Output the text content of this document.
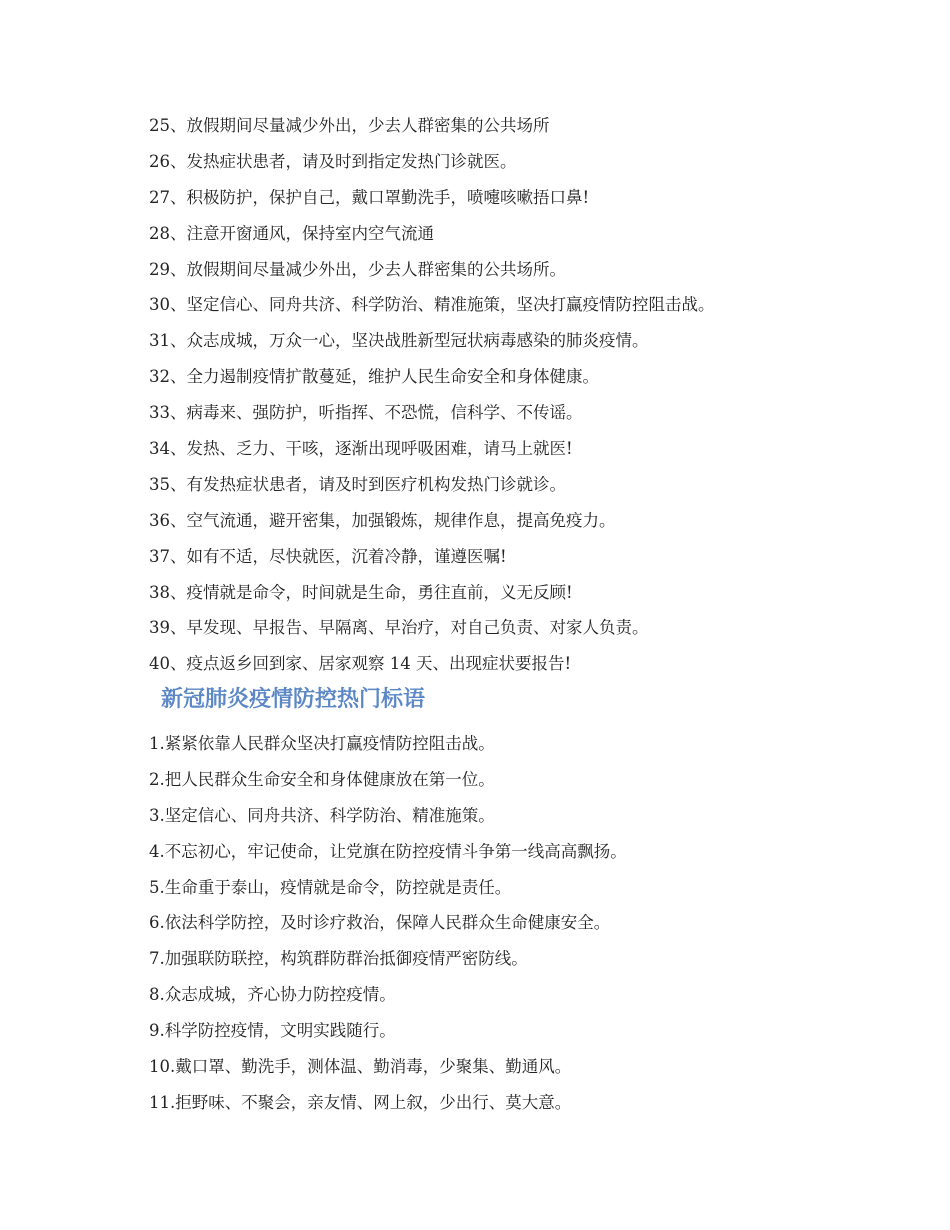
25、放假期间尽量减少外出，少去人群密集的公共场所

26、发热症状患者，请及时到指定发热门诊就医。

27、积极防护，保护自己，戴口罩勤洗手，喷嚏咳嗽捂口鼻!

28、注意开窗通风，保持室内空气流通

29、放假期间尽量减少外出，少去人群密集的公共场所。

30、坚定信心、同舟共济、科学防治、精准施策，坚决打赢疫情防控阻击战。

31、众志成城，万众一心，坚决战胜新型冠状病毒感染的肺炎疫情。

32、全力遏制疫情扩散蔓延，维护人民生命安全和身体健康。

33、病毒来、强防护，听指挥、不恐慌，信科学、不传谣。

34、发热、乏力、干咳，逐渐出现呼吸困难，请马上就医!

35、有发热症状患者，请及时到医疗机构发热门诊就诊。

36、空气流通，避开密集，加强锻炼，规律作息，提高免疫力。

37、如有不适，尽快就医，沉着冷静，谨遵医嘱!

38、疫情就是命令，时间就是生命，勇往直前，义无反顾!

39、早发现、早报告、早隔离、早治疗，对自己负责、对家人负责。

40、疫点返乡回到家、居家观察 14 天、出现症状要报告!

新冠肺炎疫情防控热门标语

1.紧紧依靠人民群众坚决打赢疫情防控阻击战。

2.把人民群众生命安全和身体健康放在第一位。

3.坚定信心、同舟共济、科学防治、精准施策。

4.不忘初心，牢记使命，让党旗在防控疫情斗争第一线高高飘扬。

5.生命重于泰山，疫情就是命令，防控就是责任。

6.依法科学防控，及时诊疗救治，保障人民群众生命健康安全。

7.加强联防联控，构筑群防群治抵御疫情严密防线。

8.众志成城，齐心协力防控疫情。

9.科学防控疫情，文明实践随行。

10.戴口罩、勤洗手，测体温、勤消毒，少聚集、勤通风。

11.拒野味、不聚会，亲友情、网上叙，少出行、莫大意。
